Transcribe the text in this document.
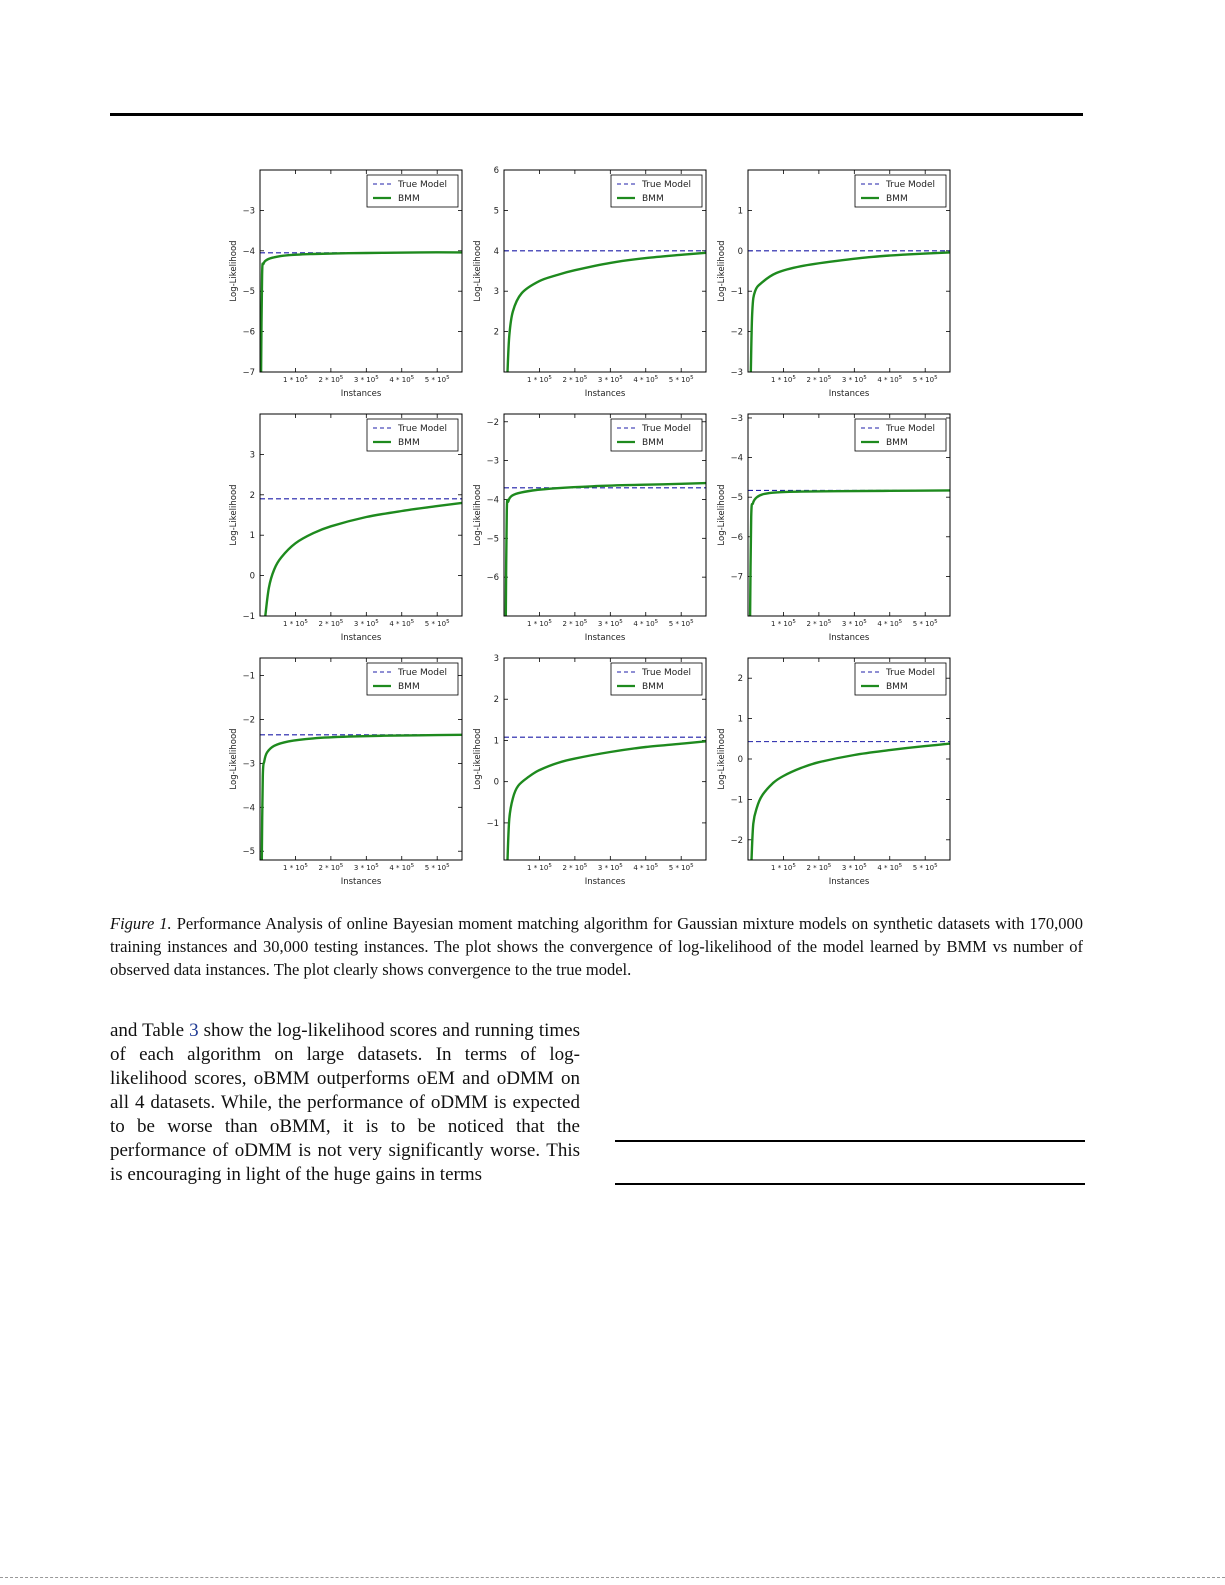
−7
−6
−5
−4
−3
$1 * 10^5$ $2 * 10^5$ $3 * 10^5$ $4 * 10^5$ $5 * 10^5$
Instances
Log-Likelihood
True Model
BMM
2
3
4
5
6
$1 * 10^5$ $2 * 10^5$ $3 * 10^5$ $4 * 10^5$ $5 * 10^5$
Instances
Log-Likelihood
True Model
BMM
−3
−2
−1
0
1
$1 * 10^5$ $2 * 10^5$ $3 * 10^5$ $4 * 10^5$ $5 * 10^5$
Instances
Log-Likelihood
True Model
BMM
−1
0
1
2
3
$1 * 10^5$ $2 * 10^5$ $3 * 10^5$ $4 * 10^5$ $5 * 10^5$
Instances
Log-Likelihood
True Model
BMM
−6
−5
−4
−3
−2
$1 * 10^5$ $2 * 10^5$ $3 * 10^5$ $4 * 10^5$ $5 * 10^5$
Instances
Log-Likelihood
True Model
BMM
−7
−6
−5
−4
−3
$1 * 10^5$ $2 * 10^5$ $3 * 10^5$ $4 * 10^5$ $5 * 10^5$
Instances
Log-Likelihood
True Model
BMM
−5
−4
−3
−2
−1
$1 * 10^5$ $2 * 10^5$ $3 * 10^5$ $4 * 10^5$ $5 * 10^5$
Instances
Log-Likelihood
True Model
BMM
−1
0
1
2
3
$1 * 10^5$ $2 * 10^5$ $3 * 10^5$ $4 * 10^5$ $5 * 10^5$
Instances
Log-Likelihood
True Model
BMM
−2
−1
0
1
2
$1 * 10^5$ $2 * 10^5$ $3 * 10^5$ $4 * 10^5$ $5 * 10^5$
Instances
Log-Likelihood
True Model
BMM
Figure 1. Performance Analysis of online Bayesian moment matching algorithm for Gaussian mixture models on synthetic datasets with 170,000 training instances and 30,000 testing instances. The plot shows the convergence of log-likelihood of the model learned by BMM vs number of observed data instances. The plot clearly shows convergence to the true model.
and Table 3 show the log-likelihood scores and running times of each algorithm on large datasets. In terms of log-likelihood scores, oBMM outperforms oEM and oDMM on all 4 datasets. While, the performance of oDMM is expected to be worse than oBMM, it is to be noticed that the performance of oDMM is not very significantly worse. This is encouraging in light of the huge gains in terms
